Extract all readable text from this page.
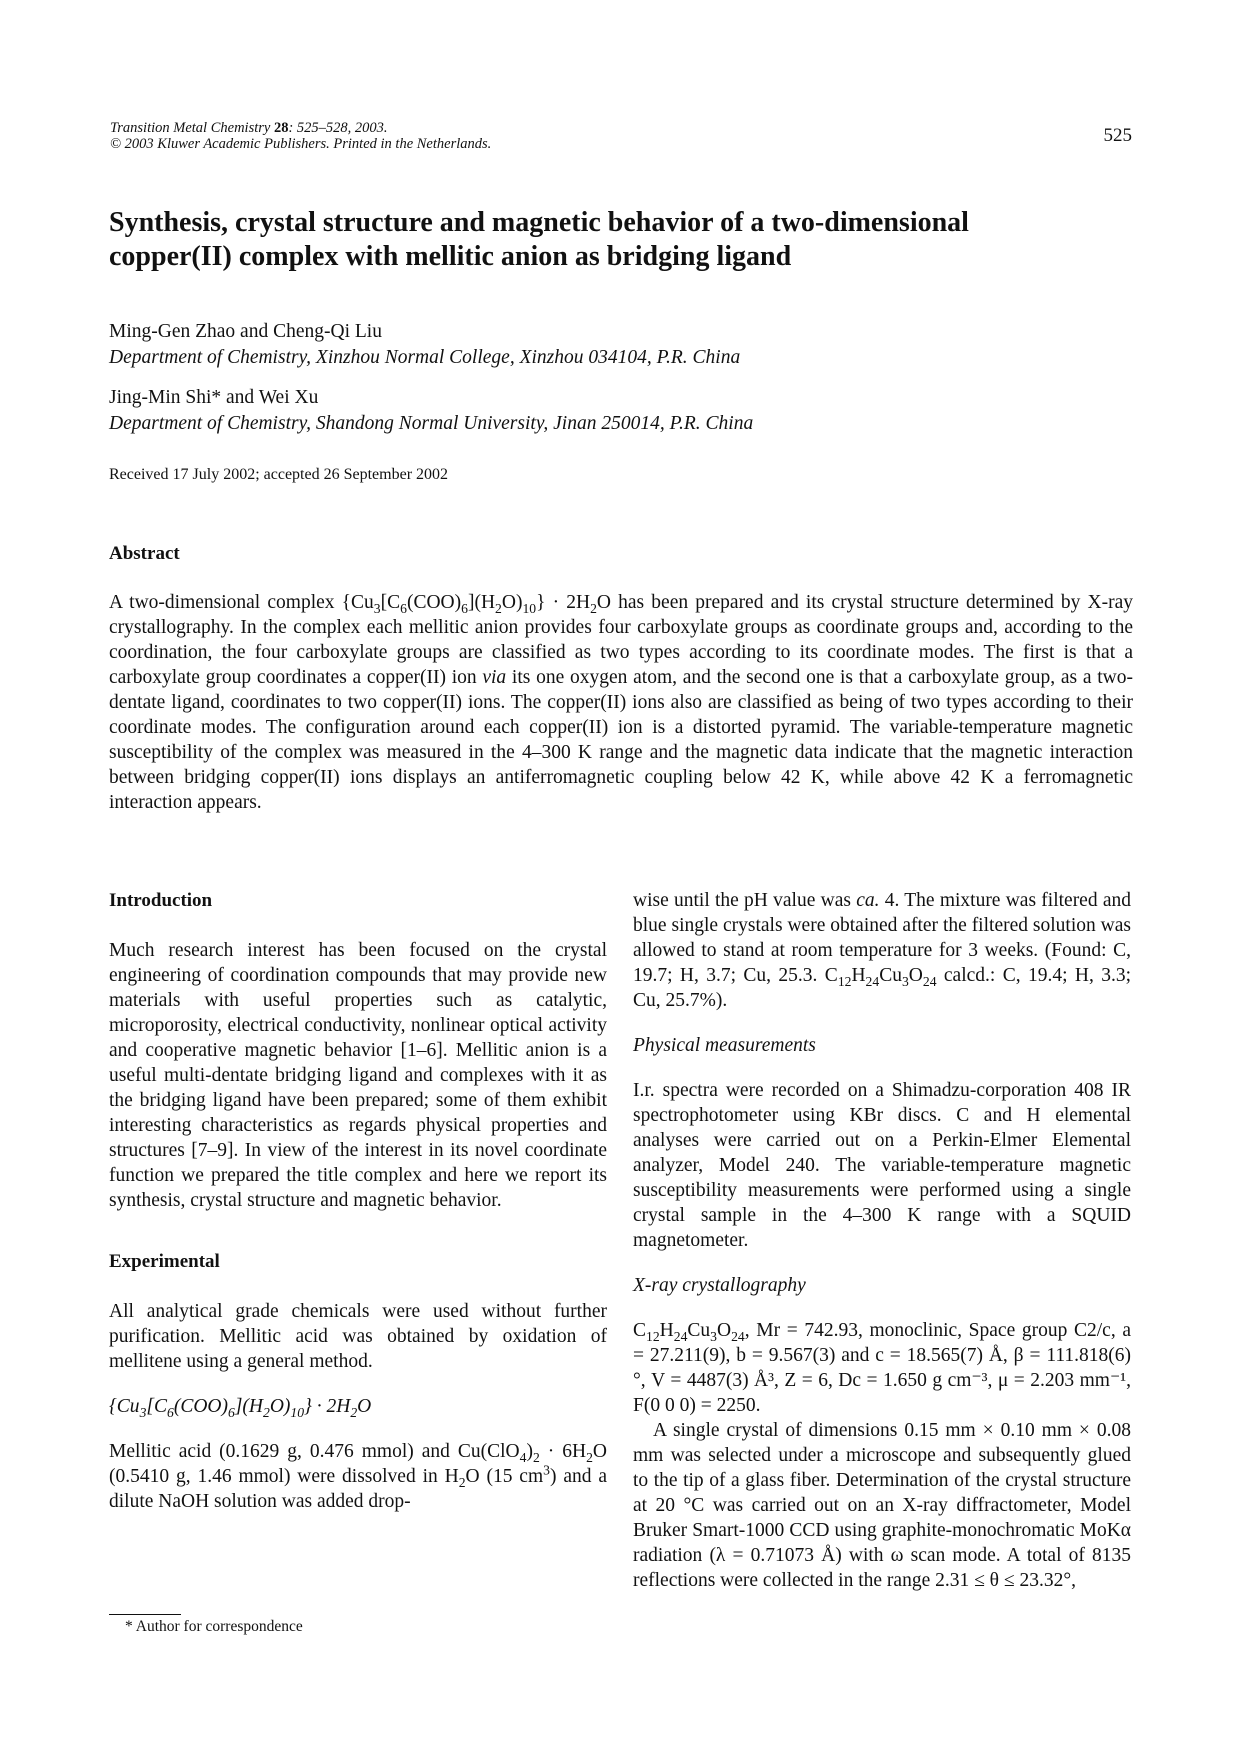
Transition Metal Chemistry 28: 525–528, 2003.
© 2003 Kluwer Academic Publishers. Printed in the Netherlands.	525
Synthesis, crystal structure and magnetic behavior of a two-dimensional
copper(II) complex with mellitic anion as bridging ligand
Ming-Gen Zhao and Cheng-Qi Liu
Department of Chemistry, Xinzhou Normal College, Xinzhou 034104, P.R. China
Jing-Min Shi* and Wei Xu
Department of Chemistry, Shandong Normal University, Jinan 250014, P.R. China
Received 17 July 2002; accepted 26 September 2002
Abstract

A two-dimensional complex $\{Cu_3[C_6(COO)_6](H_2O)_{10}\} \cdot 2H_2O$ has been prepared and its crystal structure determined by X-ray crystallography. In the complex each mellitic anion provides four carboxylate groups as coordinate groups and, according to the coordination, the four carboxylate groups are classified as two types according to its coordinate modes. The first is that a carboxylate group coordinates a copper(II) ion via its one oxygen atom, and the second one is that a carboxylate group, as a two-dentate ligand, coordinates to two copper(II) ions. The copper(II) ions also are classified as being of two types according to their coordinate modes. The configuration around each copper(II) ion is a distorted pyramid. The variable-temperature magnetic susceptibility of the complex was measured in the 4–300 K range and the magnetic data indicate that the magnetic interaction between bridging copper(II) ions displays an antiferromagnetic coupling below 42 K, while above 42 K a ferromagnetic interaction appears.

Introduction

Much research interest has been focused on the crystal engineering of coordination compounds that may provide new materials with useful properties such as catalytic, microporosity, electrical conductivity, nonlinear optical activity and cooperative magnetic behavior [1–6]. Mellitic anion is a useful multi-dentate bridging ligand and complexes with it as the bridging ligand have been prepared; some of them exhibit interesting characteristics as regards physical properties and structures [7–9]. In view of the interest in its novel coordinate function we prepared the title complex and here we report its synthesis, crystal structure and magnetic behavior.

Experimental

All analytical grade chemicals were used without further purification. Mellitic acid was obtained by oxidation of mellitene using a general method.

$\{Cu_3[C_6(COO)_6](H_2O)_{10}\} \cdot 2H_2O$

Mellitic acid (0.1629 g, 0.476 mmol) and $Cu(ClO_4)_2 \cdot 6H_2O$ (0.5410 g, 1.46 mmol) were dissolved in $H_2O$ (15 $cm^3$) and a dilute NaOH solution was added drop-

wise until the pH value was ca. 4. The mixture was filtered and blue single crystals were obtained after the filtered solution was allowed to stand at room temperature for 3 weeks. (Found: C, 19.7; H, 3.7; Cu, 25.3. $C_{12}H_{24}Cu_3O_{24}$ calcd.: C, 19.4; H, 3.3; Cu, 25.7%).

Physical measurements

I.r. spectra were recorded on a Shimadzu-corporation 408 IR spectrophotometer using KBr discs. C and H elemental analyses were carried out on a Perkin-Elmer Elemental analyzer, Model 240. The variable-temperature magnetic susceptibility measurements were performed using a single crystal sample in the 4–300 K range with a SQUID magnetometer.

X-ray crystallography

$C_{12}H_{24}Cu_3O_{24}$, Mr = 742.93, monoclinic, Space group C2/c, a = 27.211(9), b = 9.567(3) and c = 18.565(7) Å, β = 111.818(6)°, V = 4487(3) Å³, Z = 6, Dc = 1.650 g cm⁻³, μ = 2.203 mm⁻¹, F(0 0 0) = 2250.

A single crystal of dimensions 0.15 mm × 0.10 mm × 0.08 mm was selected under a microscope and subsequently glued to the tip of a glass fiber. Determination of the crystal structure at 20 °C was carried out on an X-ray diffractometer, Model Bruker Smart-1000 CCD using graphite-monochromatic MoKα radiation (λ = 0.71073 Å) with ω scan mode. A total of 8135 reflections were collected in the range 2.31 ≤ θ ≤ 23.32°,

* Author for correspondence
